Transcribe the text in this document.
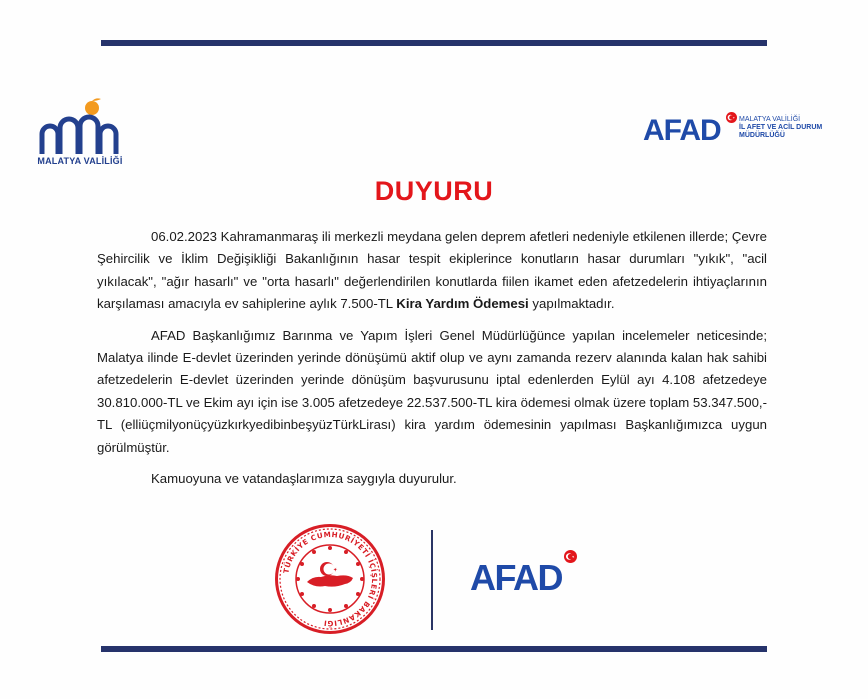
MALATYA VALİLİĞİ
AFAD	MALATYA VALİLİĞİ
İL AFET VE ACİL DURUM
MÜDÜRLÜĞÜ
DUYURU

06.02.2023 Kahramanmaraş ili merkezli meydana gelen deprem afetleri nedeniyle etkilenen illerde; Çevre Şehircilik ve İklim Değişikliği Bakanlığının hasar tespit ekiplerince konutların hasar durumları "yıkık", "acil yıkılacak", "ağır hasarlı" ve "orta hasarlı" değerlendirilen konutlarda fiilen ikamet eden afetzedelerin ihtiyaçlarının karşılaması amacıyla ev sahiplerine aylık 7.500-TL Kira Yardım Ödemesi yapılmaktadır.

AFAD Başkanlığımız Barınma ve Yapım İşleri Genel Müdürlüğünce yapılan incelemeler neticesinde; Malatya ilinde E-devlet üzerinden yerinde dönüşümü aktif olup ve aynı zamanda rezerv alanında kalan hak sahibi afetzedelerin E-devlet üzerinden yerinde dönüşüm başvurusunu iptal edenlerden Eylül ayı 4.108 afetzedeye 30.810.000-TL ve Ekim ayı için ise 3.005 afetzedeye 22.537.500-TL kira ödemesi olmak üzere toplam 53.347.500,-TL (elliüçmilyonüçyüzkırkyedibinbeşyüzTürkLirası) kira yardım ödemesinin yapılması Başkanlığımızca uygun görülmüştür.

Kamuoyuna ve vatandaşlarımıza saygıyla duyurulur.

TÜRKİYE CUMHURİYETİ İÇİŞLERİ BAKANLIĞI
AFAD
